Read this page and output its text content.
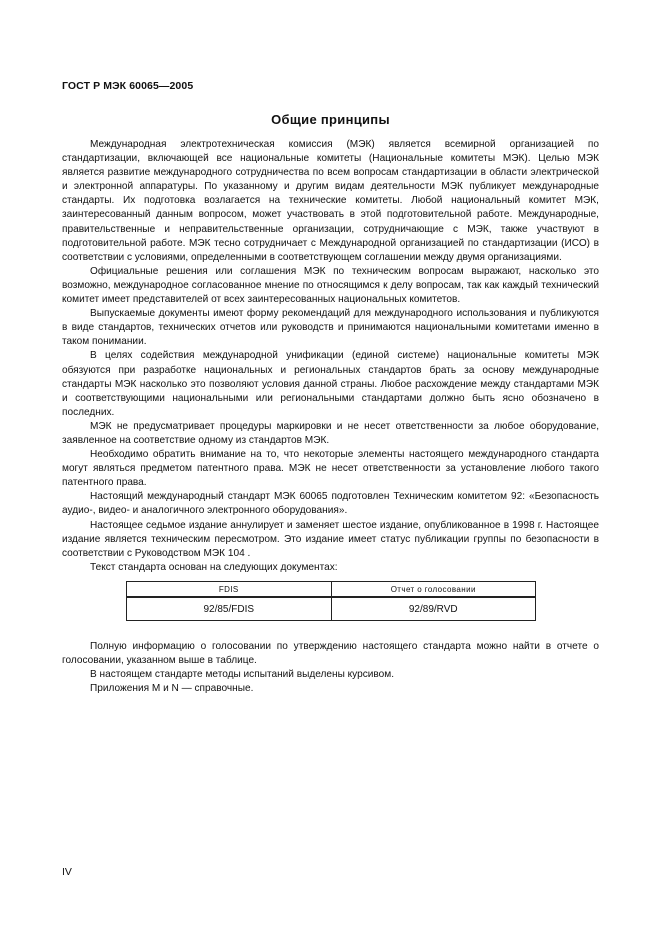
ГОСТ Р МЭК 60065—2005
Общие принципы

Международная электротехническая комиссия (МЭК) является всемирной организацией по стандартизации, включающей все национальные комитеты (Национальные комитеты МЭК). Целью МЭК является развитие международного сотрудничества по всем вопросам стандартизации в области электрической и электронной аппаратуры. По указанному и другим видам деятельности МЭК публикует международные стандарты. Их подготовка возлагается на технические комитеты. Любой национальный комитет МЭК, заинтересованный данным вопросом, может участвовать в этой подготовительной работе. Международные, правительственные и неправительственные организации, сотрудничающие с МЭК, также участвуют в подготовительной работе. МЭК тесно сотрудничает с Международной организацией по стандартизации (ИСО) в соответствии с условиями, определенными в соответствующем соглашении между двумя организациями.

Официальные решения или соглашения МЭК по техническим вопросам выражают, насколько это возможно, международное согласованное мнение по относящимся к делу вопросам, так как каждый технический комитет имеет представителей от всех заинтересованных национальных комитетов.

Выпускаемые документы имеют форму рекомендаций для международного использования и публикуются в виде стандартов, технических отчетов или руководств и принимаются национальными комитетами именно в таком понимании.

В целях содействия международной унификации (единой системе) национальные комитеты МЭК обязуются при разработке национальных и региональных стандартов брать за основу международные стандарты МЭК насколько это позволяют условия данной страны. Любое расхождение между стандартами МЭК и соответствующими национальными или региональными стандартами должно быть ясно обозначено в последних.

МЭК не предусматривает процедуры маркировки и не несет ответственности за любое оборудование, заявленное на соответствие одному из стандартов МЭК.

Необходимо обратить внимание на то, что некоторые элементы настоящего международного стандарта могут являться предметом патентного права. МЭК не несет ответственности за установление любого такого патентного права.

Настоящий международный стандарт МЭК 60065 подготовлен Техническим комитетом 92: «Безопасность аудио-, видео- и аналогичного электронного оборудования».

Настоящее седьмое издание аннулирует и заменяет шестое издание, опубликованное в 1998 г. Настоящее издание является техническим пересмотром. Это издание имеет статус публикации группы по безопасности в соответствии с Руководством МЭК 104 .

Текст стандарта основан на следующих документах:

FDIS	Отчет о голосовании
92/85/FDIS	92/89/RVD

Полную информацию о голосовании по утверждению настоящего стандарта можно найти в отчете о голосовании, указанном выше в таблице.

В настоящем стандарте методы испытаний выделены курсивом.

Приложения M и N — справочные.

IV
